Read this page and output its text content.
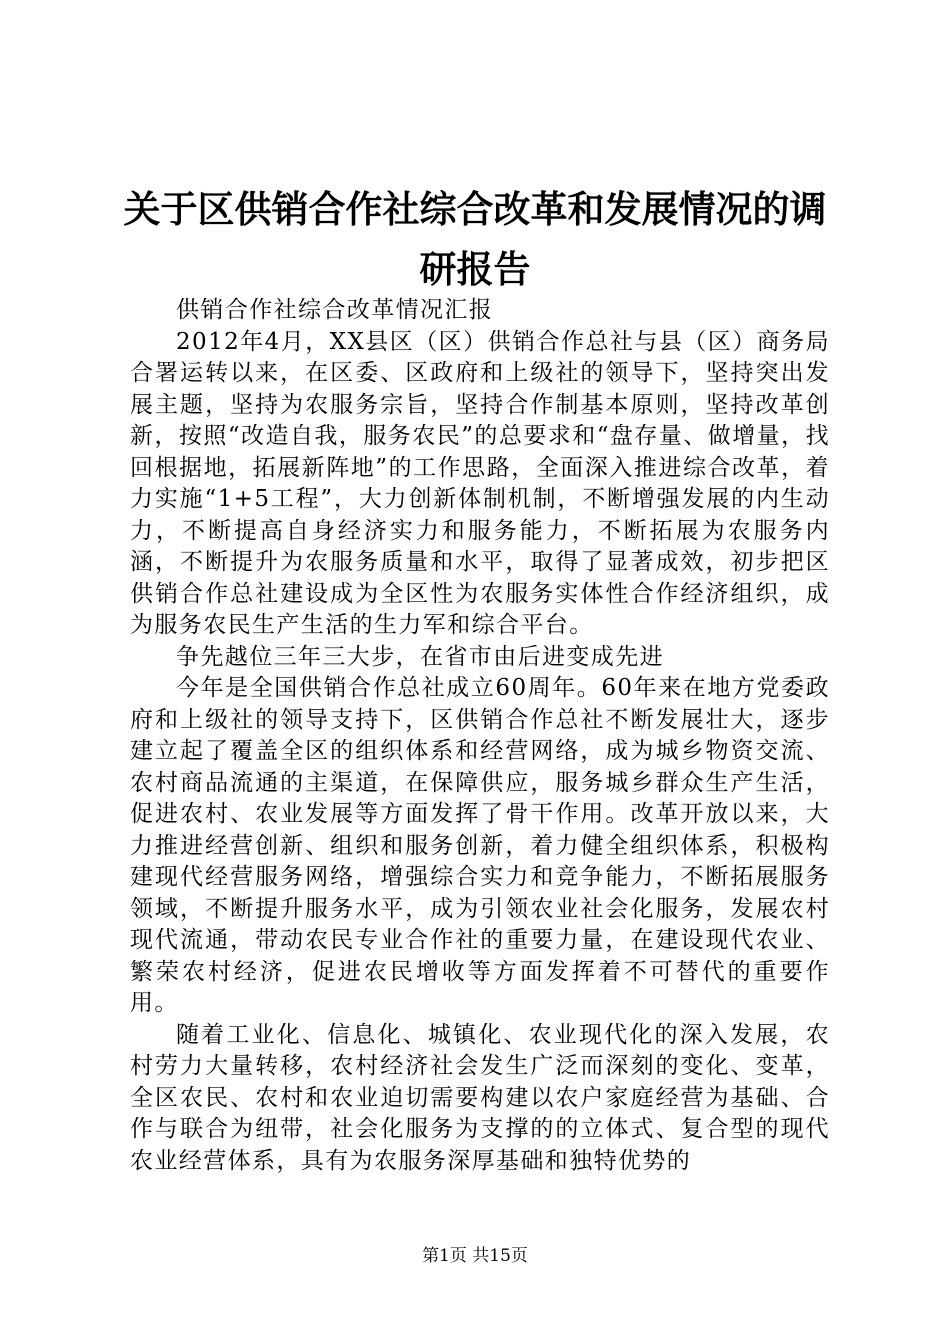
关于区供销合作社综合改革和发展情况的调研报告

供销合作社综合改革情况汇报

2012年4月，XX县区（区）供销合作总社与县（区）商务局合署运转以来，在区委、区政府和上级社的领导下，坚持突出发展主题，坚持为农服务宗旨，坚持合作制基本原则，坚持改革创新，按照“改造自我，服务农民”的总要求和“盘存量、做增量，找回根据地，拓展新阵地”的工作思路，全面深入推进综合改革，着力实施“1+5工程”，大力创新体制机制，不断增强发展的内生动力，不断提高自身经济实力和服务能力，不断拓展为农服务内涵，不断提升为农服务质量和水平，取得了显著成效，初步把区供销合作总社建设成为全区性为农服务实体性合作经济组织，成为服务农民生产生活的生力军和综合平台。

争先越位三年三大步，在省市由后进变成先进

今年是全国供销合作总社成立60周年。60年来在地方党委政府和上级社的领导支持下，区供销合作总社不断发展壮大，逐步建立起了覆盖全区的组织体系和经营网络，成为城乡物资交流、农村商品流通的主渠道，在保障供应，服务城乡群众生产生活，促进农村、农业发展等方面发挥了骨干作用。改革开放以来，大力推进经营创新、组织和服务创新，着力健全组织体系，积极构建现代经营服务网络，增强综合实力和竞争能力，不断拓展服务领域，不断提升服务水平，成为引领农业社会化服务，发展农村现代流通，带动农民专业合作社的重要力量，在建设现代农业、繁荣农村经济，促进农民增收等方面发挥着不可替代的重要作用。

随着工业化、信息化、城镇化、农业现代化的深入发展，农村劳力大量转移，农村经济社会发生广泛而深刻的变化、变革，全区农民、农村和农业迫切需要构建以农户家庭经营为基础、合作与联合为纽带，社会化服务为支撑的的立体式、复合型的现代农业经营体系，具有为农服务深厚基础和独特优势的

第1页 共15页
